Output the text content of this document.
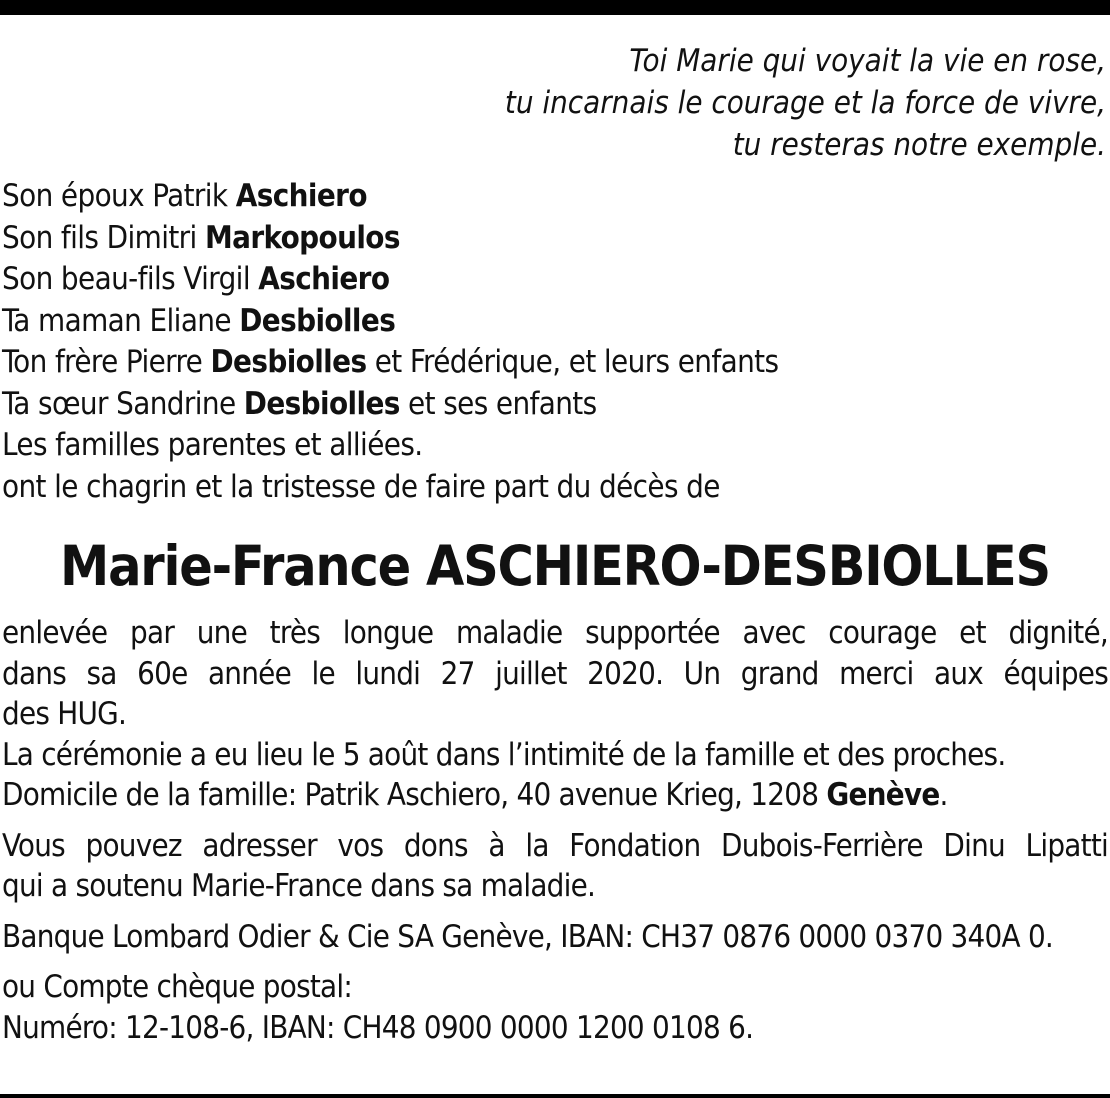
Toi Marie qui voyait la vie en rose,
tu incarnais le courage et la force de vivre,
tu resteras notre exemple.
Son époux Patrik Aschiero
Son fils Dimitri Markopoulos
Son beau-fils Virgil Aschiero
Ta maman Eliane Desbiolles
Ton frère Pierre Desbiolles et Frédérique, et leurs enfants
Ta sœur Sandrine Desbiolles et ses enfants
Les familles parentes et alliées.
ont le chagrin et la tristesse de faire part du décès de
Marie-France ASCHIERO-DESBIOLLES
enlevée par une très longue maladie supportée avec courage et dignité,
dans sa 60e année le lundi 27 juillet 2020. Un grand merci aux équipes
des HUG.
La cérémonie a eu lieu le 5 août dans l’intimité de la famille et des proches.
Domicile de la famille: Patrik Aschiero, 40 avenue Krieg, 1208 Genève.
Vous pouvez adresser vos dons à la Fondation Dubois-Ferrière Dinu Lipatti
qui a soutenu Marie-France dans sa maladie.
Banque Lombard Odier & Cie SA Genève, IBAN: CH37 0876 0000 0370 340A 0.
ou Compte chèque postal:
Numéro: 12-108-6, IBAN: CH48 0900 0000 1200 0108 6.
